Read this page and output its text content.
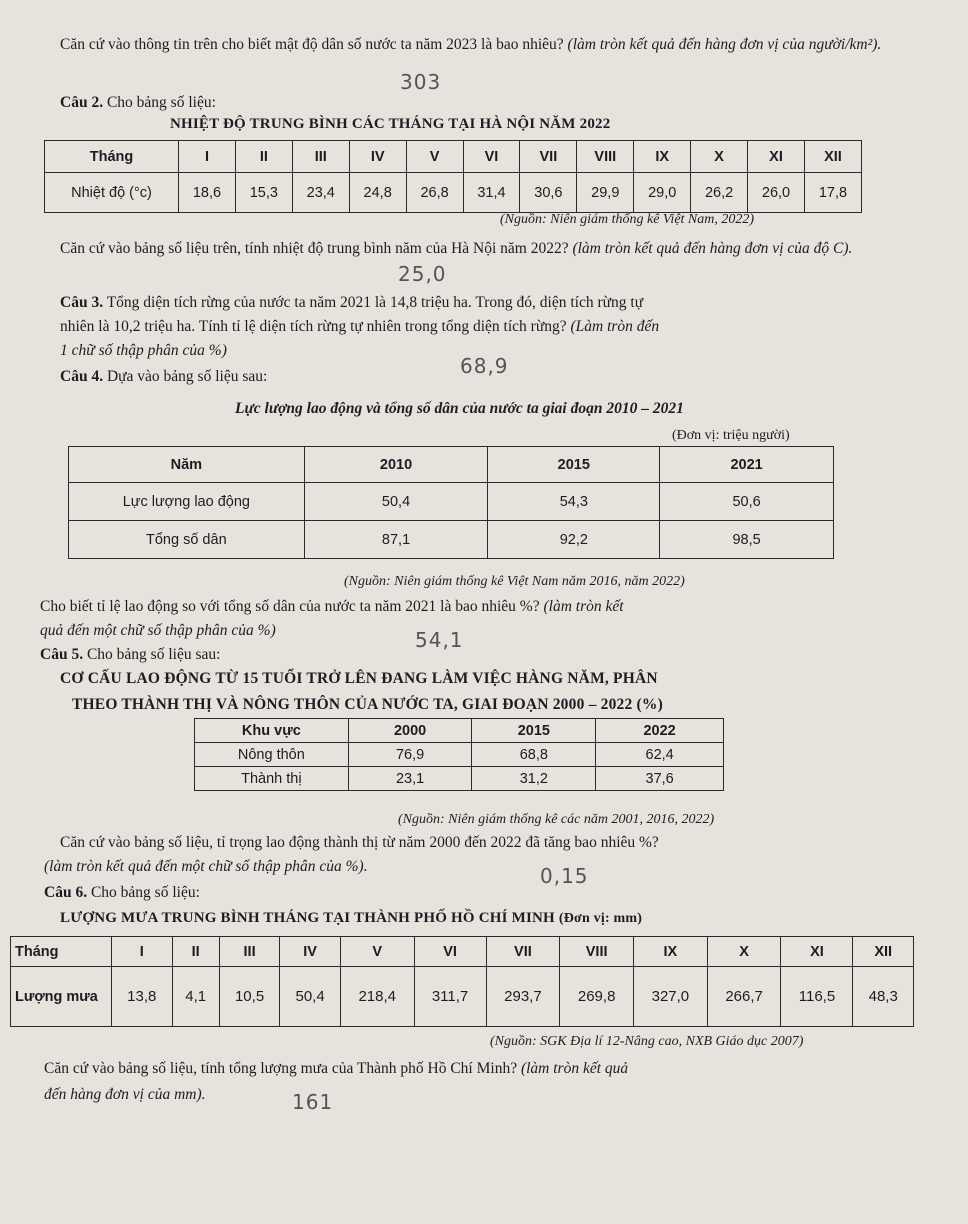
Căn cứ vào thông tin trên cho biết mật độ dân số nước ta năm 2023 là bao nhiêu? (làm tròn kết quả đến hàng đơn vị của người/km²).

303

Câu 2. Cho bảng số liệu:

NHIỆT ĐỘ TRUNG BÌNH CÁC THÁNG TẠI HÀ NỘI NĂM 2022

Tháng	I	II	III	IV	V	VI	VII	VIII	IX	X	XI	XII
Nhiệt độ (°c)	18,6	15,3	23,4	24,8	26,8	31,4	30,6	29,9	29,0	26,2	26,0	17,8

(Nguồn: Niên giám thống kê Việt Nam, 2022)

Căn cứ vào bảng số liệu trên, tính nhiệt độ trung bình năm của Hà Nội năm 2022? (làm tròn kết quả đến hàng đơn vị của độ C).

25,0

Câu 3. Tổng diện tích rừng của nước ta năm 2021 là 14,8 triệu ha. Trong đó, diện tích rừng tự

nhiên là 10,2 triệu ha. Tính tỉ lệ diện tích rừng tự nhiên trong tổng diện tích rừng? (Làm tròn đến

1 chữ số thập phân của %)

68,9

Câu 4. Dựa vào bảng số liệu sau:

Lực lượng lao động và tổng số dân của nước ta giai đoạn 2010 – 2021

(Đơn vị: triệu người)

Năm	2010	2015	2021
Lực lượng lao động	50,4	54,3	50,6
Tổng số dân	87,1	92,2	98,5

(Nguồn: Niên giám thống kê Việt Nam năm 2016, năm 2022)

Cho biết tỉ lệ lao động so với tổng số dân của nước ta năm 2021 là bao nhiêu %? (làm tròn kết

quả đến một chữ số thập phân của %)	54,1

Câu 5. Cho bảng số liệu sau:

CƠ CẤU LAO ĐỘNG TỪ 15 TUỔI TRỞ LÊN ĐANG LÀM VIỆC HÀNG NĂM, PHÂN

THEO THÀNH THỊ VÀ NÔNG THÔN CỦA NƯỚC TA, GIAI ĐOẠN 2000 – 2022 (%)

Khu vực	2000	2015	2022
Nông thôn	76,9	68,8	62,4
Thành thị	23,1	31,2	37,6

(Nguồn: Niên giám thống kê các năm 2001, 2016, 2022)

Căn cứ vào bảng số liệu, tỉ trọng lao động thành thị từ năm 2000 đến 2022 đã tăng bao nhiêu %?

(làm tròn kết quả đến một chữ số thập phân của %).	0,15

Câu 6. Cho bảng số liệu:

LƯỢNG MƯA TRUNG BÌNH THÁNG TẠI THÀNH PHỐ HỒ CHÍ MINH (Đơn vị: mm)

Tháng	I	II	III	IV	V	VI	VII	VIII	IX	X	XI	XII
Lượng mưa	13,8	4,1	10,5	50,4	218,4	311,7	293,7	269,8	327,0	266,7	116,5	48,3

(Nguồn: SGK Địa lí 12-Nâng cao, NXB Giáo dục 2007)

Căn cứ vào bảng số liệu, tính tổng lượng mưa của Thành phố Hồ Chí Minh? (làm tròn kết quả

đến hàng đơn vị của mm).	161
